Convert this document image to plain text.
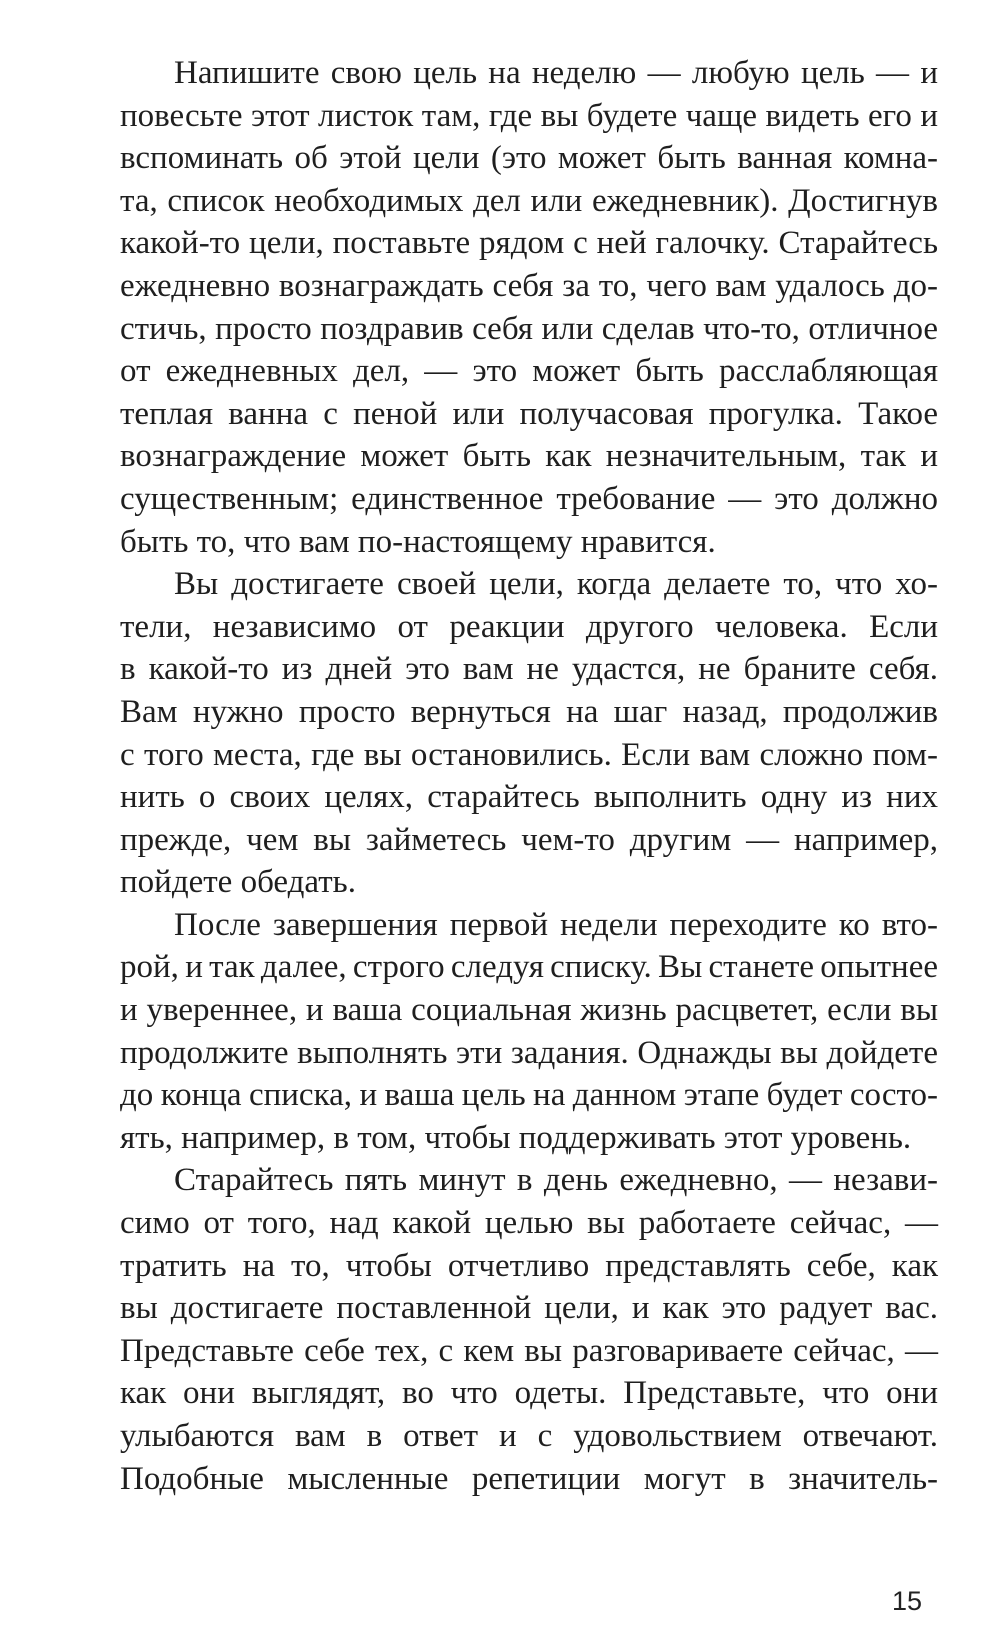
Напишите свою цель на неделю — любую цель — и
повесьте этот листок там, где вы будете чаще видеть его и
вспоминать об этой цели (это может быть ванная комна-
та, список необходимых дел или ежедневник). Достигнув
какой-то цели, поставьте рядом с ней галочку. Старайтесь
ежедневно вознаграждать себя за то, чего вам удалось до-
стичь, просто поздравив себя или сделав что-то, отличное
от ежедневных дел, — это может быть расслабляющая
теплая ванна с пеной или получасовая прогулка. Такое
вознаграждение может быть как незначительным, так и
существенным; единственное требование — это должно
быть то, что вам по-настоящему нравится.
Вы достигаете своей цели, когда делаете то, что хо-
тели, независимо от реакции другого человека. Если
в какой-то из дней это вам не удастся, не браните себя.
Вам нужно просто вернуться на шаг назад, продолжив
с того места, где вы остановились. Если вам сложно пом-
нить о своих целях, старайтесь выполнить одну из них
прежде, чем вы займетесь чем-то другим — например,
пойдете обедать.
После завершения первой недели переходите ко вто-
рой, и так далее, строго следуя списку. Вы станете опытнее
и увереннее, и ваша социальная жизнь расцветет, если вы
продолжите выполнять эти задания. Однажды вы дойдете
до конца списка, и ваша цель на данном этапе будет состо-
ять, например, в том, чтобы поддерживать этот уровень.
Старайтесь пять минут в день ежедневно, — незави-
симо от того, над какой целью вы работаете сейчас, —
тратить на то, чтобы отчетливо представлять себе, как
вы достигаете поставленной цели, и как это радует вас.
Представьте себе тех, с кем вы разговариваете сейчас, —
как они выглядят, во что одеты. Представьте, что они
улыбаются вам в ответ и с удовольствием отвечают.
Подобные мысленные репетиции могут в значитель-
15
